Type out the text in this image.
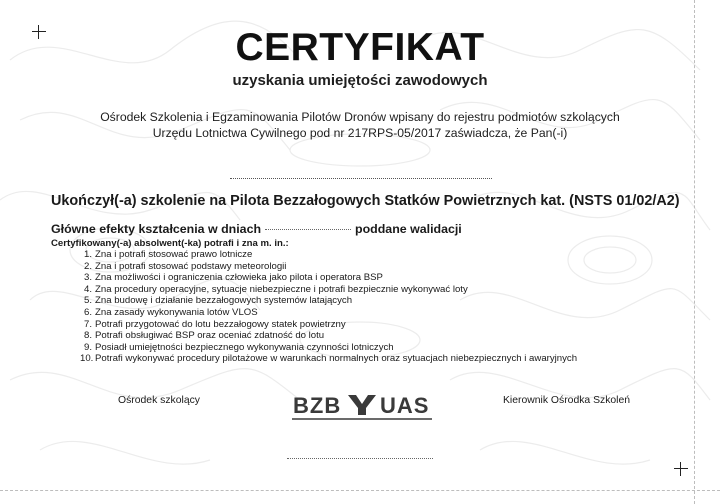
CERTYFIKAT
uzyskania umiejętości zawodowych
Ośrodek Szkolenia i Egzaminowania Pilotów Dronów wpisany do rejestru podmiotów szkolących
Urzędu Lotnictwa Cywilnego pod nr 217RPS-05/2017 zaświadcza, że Pan(-i)
Ukończył(-a) szkolenie na Pilota Bezzałogowych Statków Powietrznych kat. (NSTS 01/02/A2)
Główne efekty kształcenia w dniach	poddane walidacji
Certyfikowany(-a) absolwent(-ka) potrafi i zna m. in.:
1. Zna i potrafi stosować prawo lotnicze
2. Zna i potrafi stosować podstawy meteorologii
3. Zna możliwości i ograniczenia człowieka jako pilota i operatora BSP
4. Zna procedury operacyjne, sytuacje niebezpieczne i potrafi bezpiecznie wykonywać loty
5. Zna budowę i działanie bezzałogowych systemów latających
6. Zna zasady wykonywania lotów VLOS
7. Potrafi przygotować do lotu bezzałogowy statek powietrzny
8. Potrafi obsługiwać BSP oraz oceniać zdatność do lotu
9. Posiadł umiejętności bezpiecznego wykonywania czynności lotniczych
10. Potrafi wykonywać procedury pilotażowe w warunkach normalnych oraz sytuacjach niebezpiecznych i awaryjnych
Ośrodek szkolący	Kierownik Ośrodka Szkoleń
BZB UAS
